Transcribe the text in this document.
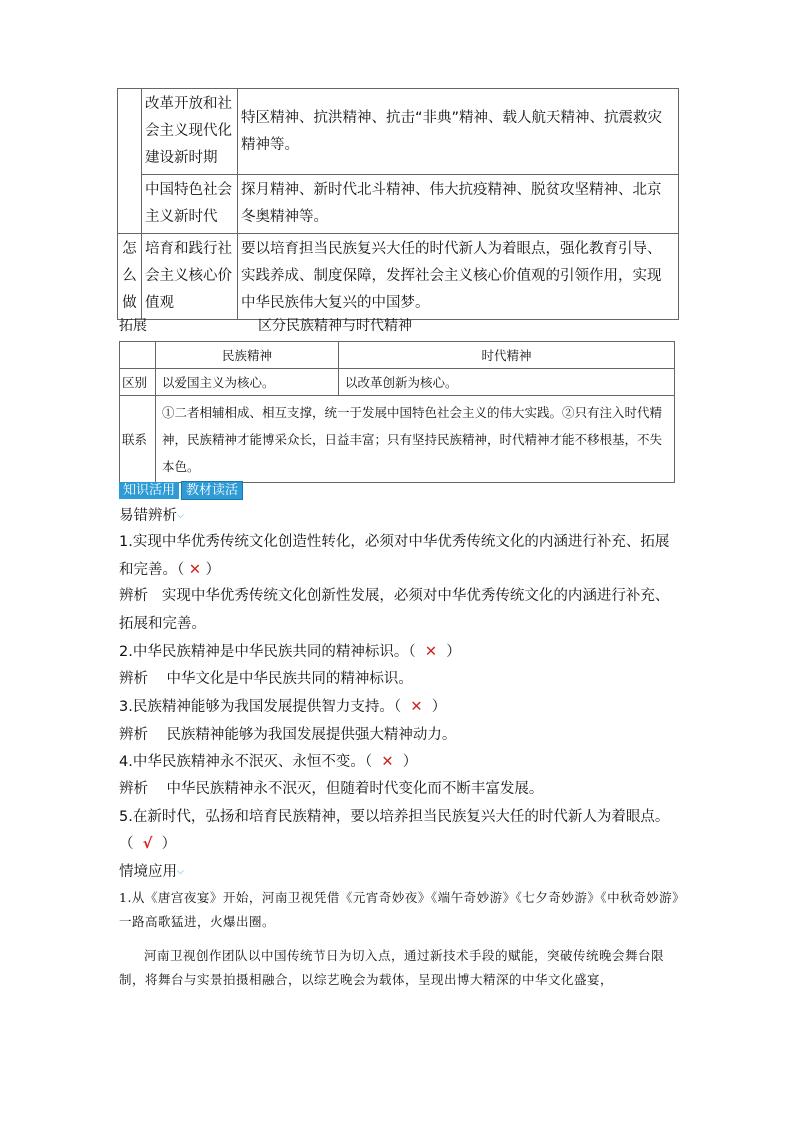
	改革开放和社会主义现代化建设新时期	特区精神、抗洪精神、抗击“非典”精神、载人航天精神、抗震救灾精神等。
	中国特色社会主义新时代	探月精神、新时代北斗精神、伟大抗疫精神、脱贫攻坚精神、北京冬奥精神等。
怎么做	培育和践行社会主义核心价值观	要以培育担当民族复兴大任的时代新人为着眼点，强化教育引导、实践养成、制度保障，发挥社会主义核心价值观的引领作用，实现中华民族伟大复兴的中国梦。
拓展	区分民族精神与时代精神
	民族精神	时代精神
区别	以爱国主义为核心。	以改革创新为核心。
联系	①二者相辅相成、相互支撑，统一于发展中国特色社会主义的伟大实践。②只有注入时代精神，民族精神才能博采众长，日益丰富；只有坚持民族精神，时代精神才能不移根基，不失本色。	
知识活用 教材读活
易错辨析⌵
1.实现中华优秀传统文化创造性转化，必须对中华优秀传统文化的内涵进行补充、拓展和完善。（ ✕ ）
辨析 实现中华优秀传统文化创新性发展，必须对中华优秀传统文化的内涵进行补充、拓展和完善。
2.中华民族精神是中华民族共同的精神标识。（ ✕ ）
辨析 中华文化是中华民族共同的精神标识。
3.民族精神能够为我国发展提供智力支持。（ ✕ ）
辨析 民族精神能够为我国发展提供强大精神动力。
4.中华民族精神永不泯灭、永恒不变。（ ✕ ）
辨析 中华民族精神永不泯灭，但随着时代变化而不断丰富发展。
5.在新时代，弘扬和培育民族精神，要以培养担当民族复兴大任的时代新人为着眼点。
（ √ ）
情境应用⌵
1.从《唐宫夜宴》开始，河南卫视凭借《元宵奇妙夜》《端午奇妙游》《七夕奇妙游》《中秋奇妙游》一路高歌猛进，火爆出圈。
河南卫视创作团队以中国传统节日为切入点，通过新技术手段的赋能，突破传统晚会舞台限制，将舞台与实景拍摄相融合，以综艺晚会为载体，呈现出博大精深的中华文化盛宴，
